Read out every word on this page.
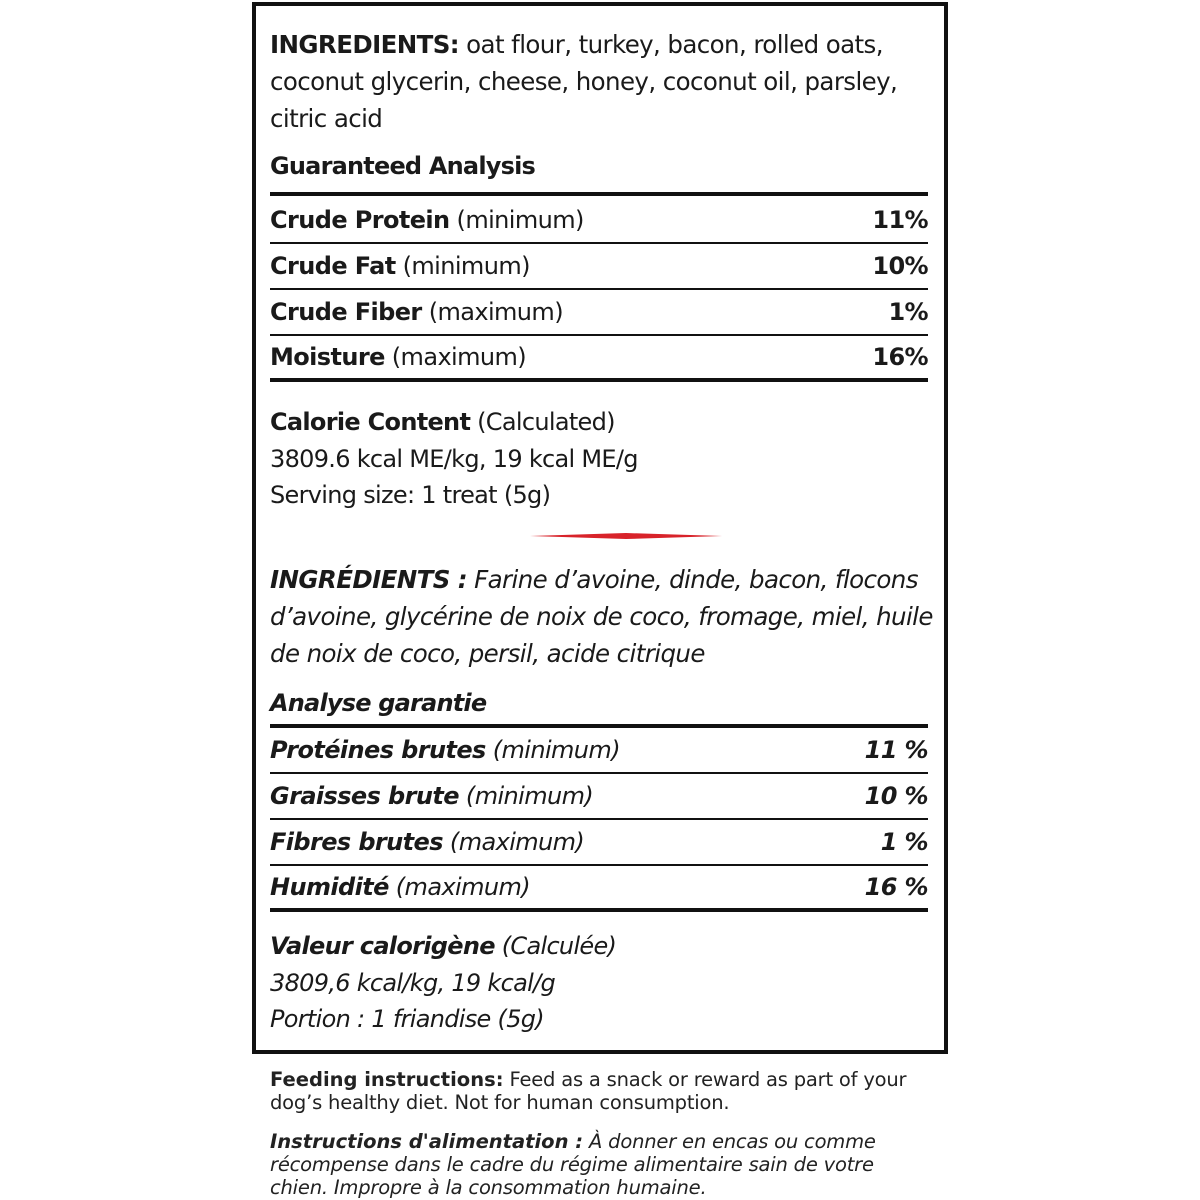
INGREDIENTS: oat flour, turkey, bacon, rolled oats, coconut glycerin, cheese, honey, coconut oil, parsley, citric acid

Guaranteed Analysis
Crude Protein (minimum)	11%
Crude Fat (minimum)	10%
Crude Fiber (maximum)	1%
Moisture (maximum)	16%
Calorie Content (Calculated)
3809.6 kcal ME/kg, 19 kcal ME/g
Serving size: 1 treat (5g)

INGRÉDIENTS : Farine d’avoine, dinde, bacon, flocons d’avoine, glycérine de noix de coco, fromage, miel, huile de noix de coco, persil, acide citrique

Analyse garantie
Protéines brutes (minimum)	11 %
Graisses brute (minimum)	10 %
Fibres brutes (maximum)	1 %
Humidité (maximum)	16 %
Valeur calorigène (Calculée)
3809,6 kcal/kg, 19 kcal/g
Portion : 1 friandise (5g)

Feeding instructions: Feed as a snack or reward as part of your dog’s healthy diet. Not for human consumption.

Instructions d'alimentation : À donner en encas ou comme récompense dans le cadre du régime alimentaire sain de votre chien. Impropre à la consommation humaine.
